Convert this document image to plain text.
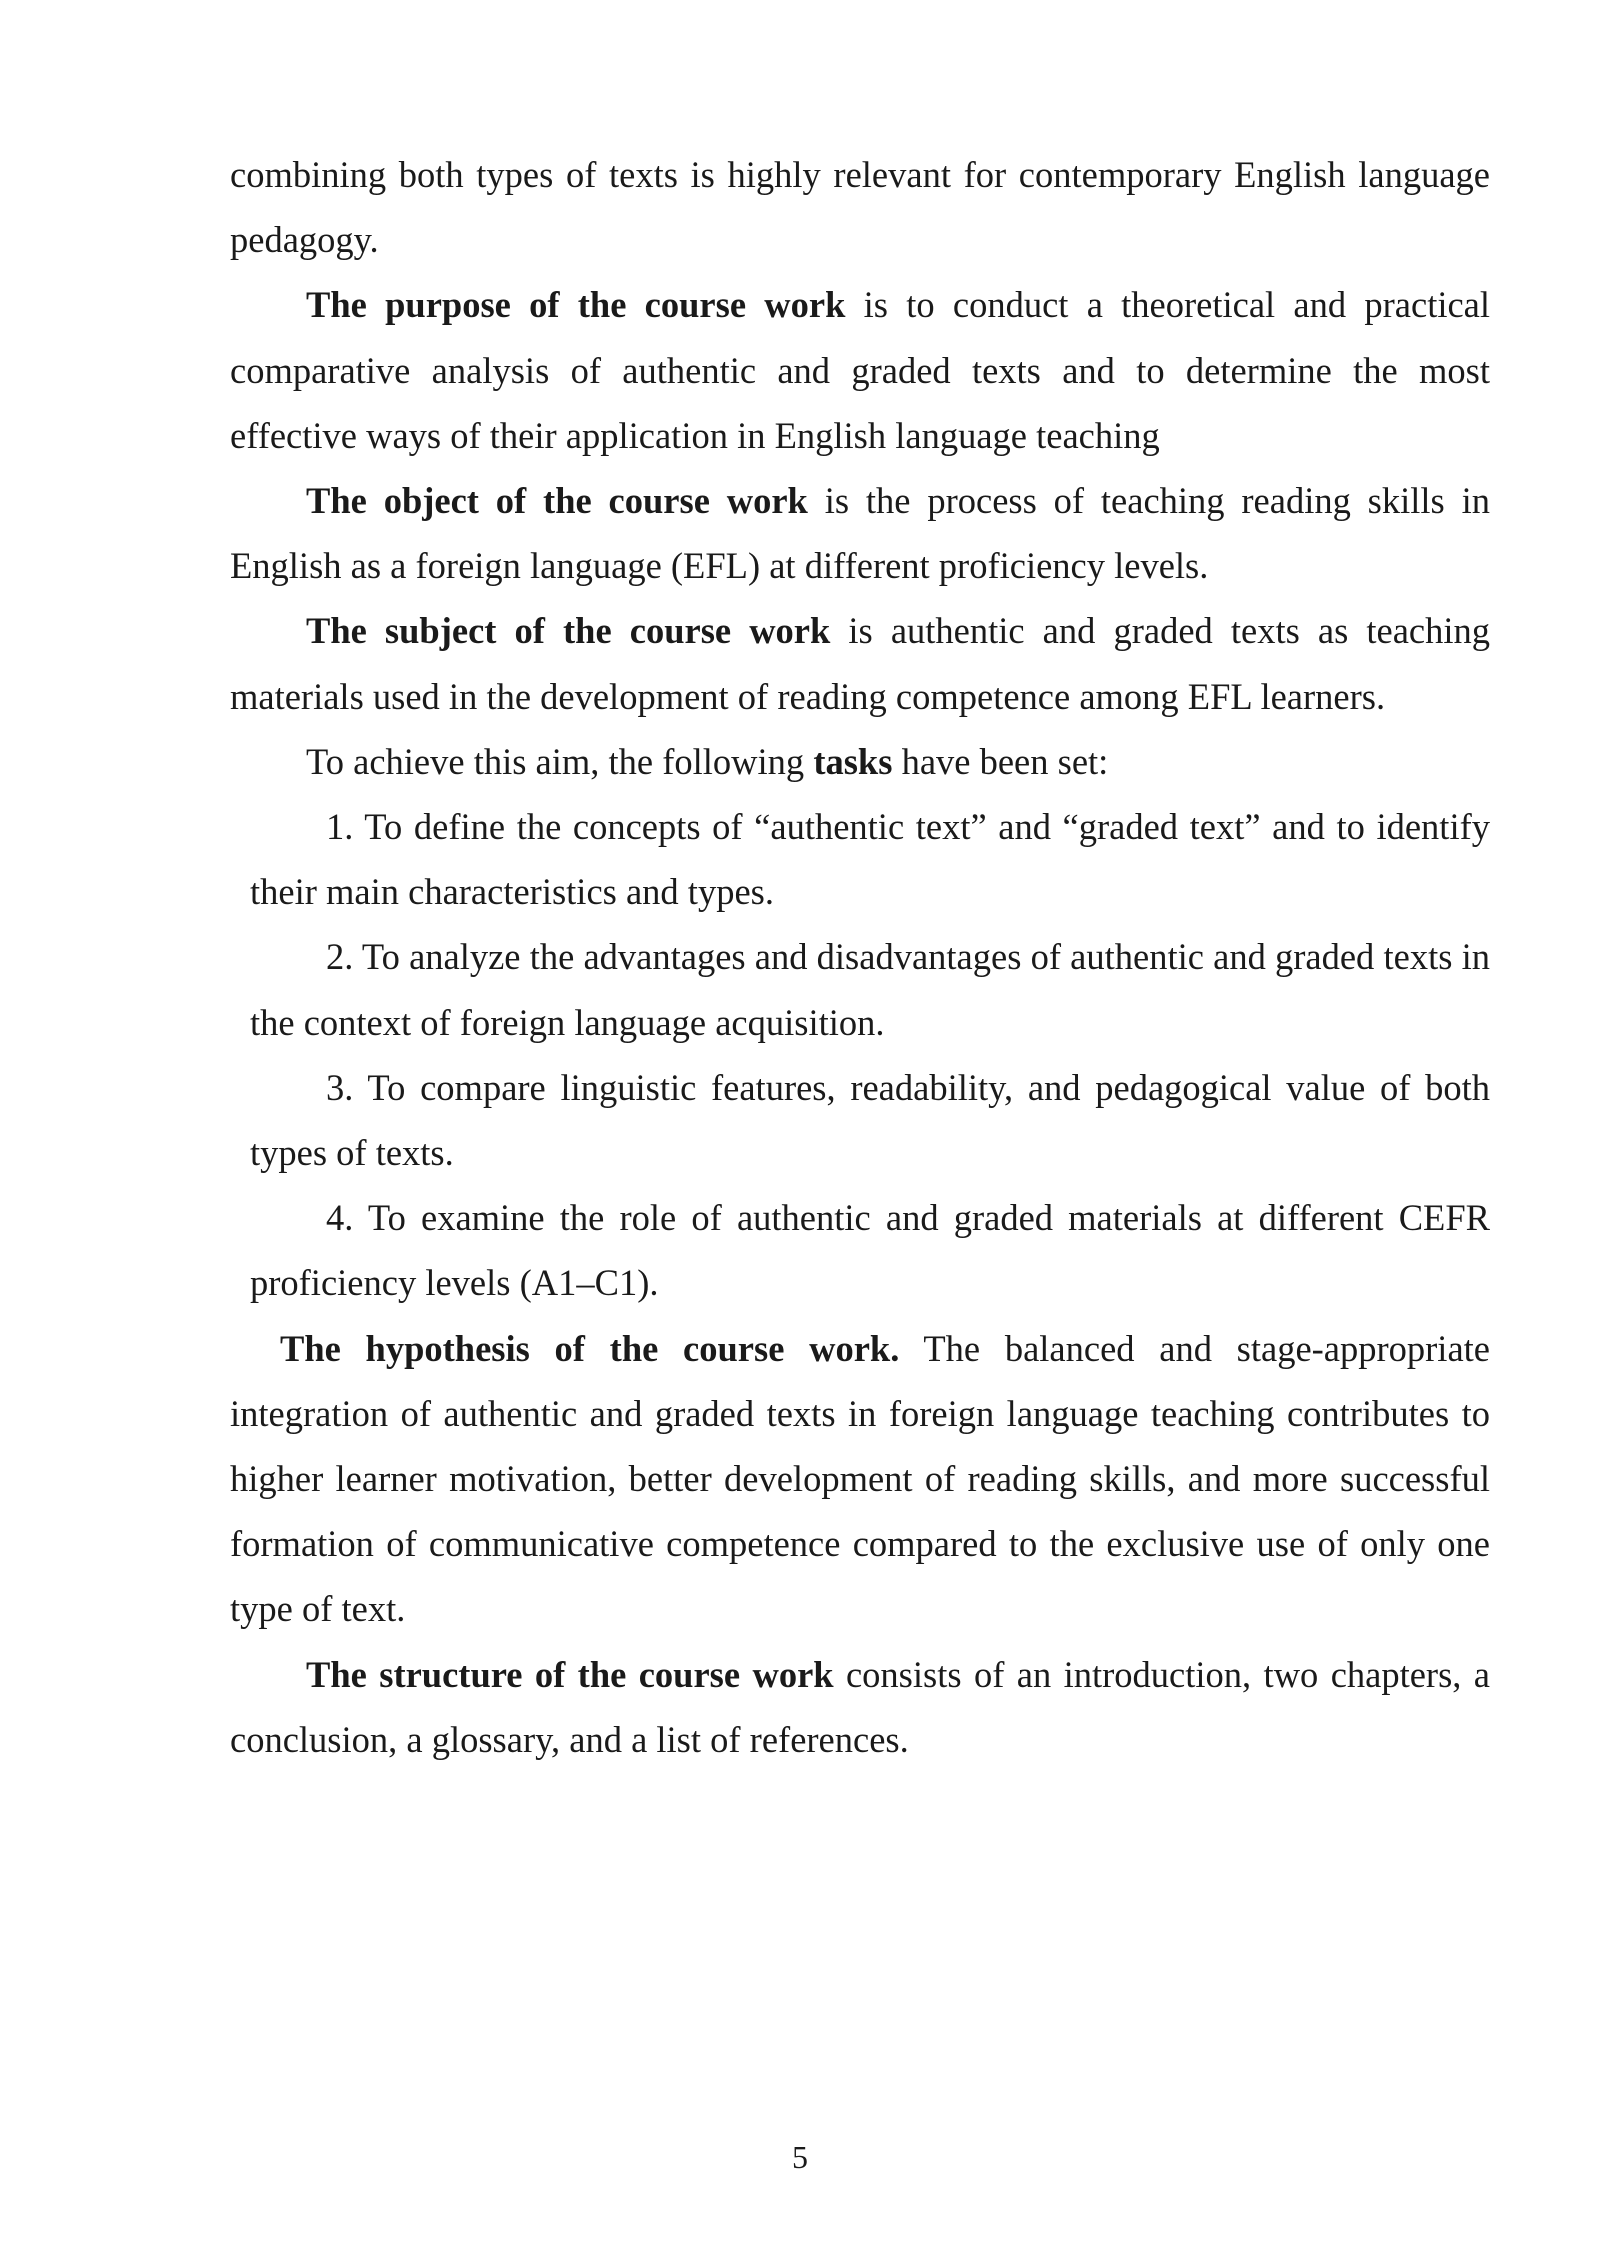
combining both types of texts is highly relevant for contemporary English language pedagogy.

The purpose of the course work is to conduct a theoretical and practical comparative analysis of authentic and graded texts and to determine the most effective ways of their application in English language teaching

The object of the course work is the process of teaching reading skills in English as a foreign language (EFL) at different proficiency levels.

The subject of the course work is authentic and graded texts as teaching materials used in the development of reading competence among EFL learners.

To achieve this aim, the following tasks have been set:

1. To define the concepts of “authentic text” and “graded text” and to identify their main characteristics and types.

2. To analyze the advantages and disadvantages of authentic and graded texts in the context of foreign language acquisition.

3. To compare linguistic features, readability, and pedagogical value of both types of texts.

4. To examine the role of authentic and graded materials at different CEFR proficiency levels (A1–C1).

The hypothesis of the course work. The balanced and stage-appropriate integration of authentic and graded texts in foreign language teaching contributes to higher learner motivation, better development of reading skills, and more successful formation of communicative competence compared to the exclusive use of only one type of text.

The structure of the course work consists of an introduction, two chapters, a conclusion, a glossary, and a list of references.

5
